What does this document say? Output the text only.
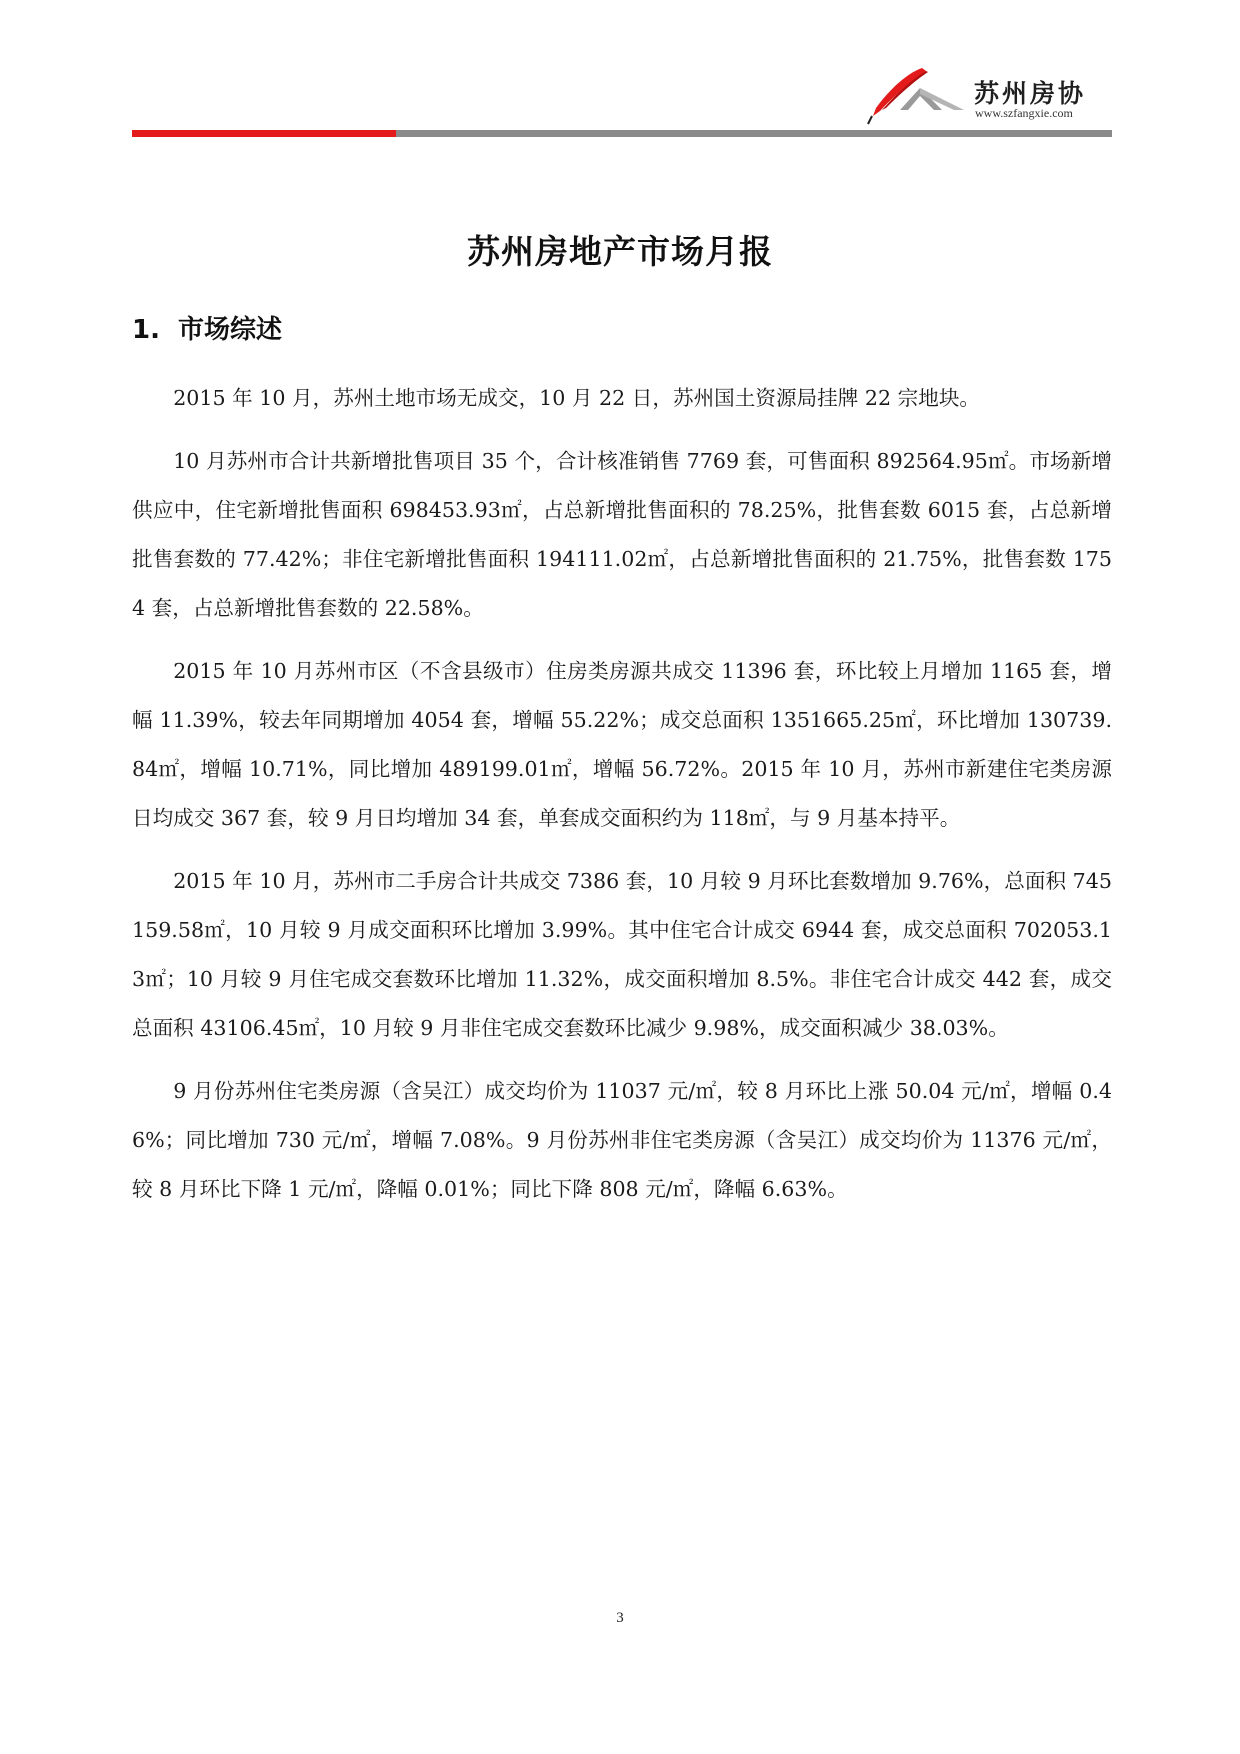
苏州房协
www.szfangxie.com
苏州房地产市场月报
1. 市场综述

2015 年 10 月，苏州土地市场无成交，10 月 22 日，苏州国土资源局挂牌 22 宗地块。

10 月苏州市合计共新增批售项目 35 个，合计核准销售 7769 套，可售面积 892564.95㎡。市场新增供应中，住宅新增批售面积 698453.93㎡，占总新增批售面积的 78.25%，批售套数 6015 套，占总新增批售套数的 77.42%；非住宅新增批售面积 194111.02㎡，占总新增批售面积的 21.75%，批售套数 1754 套，占总新增批售套数的 22.58%。

2015 年 10 月苏州市区（不含县级市）住房类房源共成交 11396 套，环比较上月增加 1165 套，增幅 11.39%，较去年同期增加 4054 套，增幅 55.22%；成交总面积 1351665.25㎡，环比增加 130739.84㎡，增幅 10.71%，同比增加 489199.01㎡，增幅 56.72%。2015 年 10 月，苏州市新建住宅类房源日均成交 367 套，较 9 月日均增加 34 套，单套成交面积约为 118㎡，与 9 月基本持平。

2015 年 10 月，苏州市二手房合计共成交 7386 套，10 月较 9 月环比套数增加 9.76%，总面积 745159.58㎡，10 月较 9 月成交面积环比增加 3.99%。其中住宅合计成交 6944 套，成交总面积 702053.13㎡；10 月较 9 月住宅成交套数环比增加 11.32%，成交面积增加 8.5%。非住宅合计成交 442 套，成交总面积 43106.45㎡，10 月较 9 月非住宅成交套数环比减少 9.98%，成交面积减少 38.03%。

9 月份苏州住宅类房源（含吴江）成交均价为 11037 元/㎡，较 8 月环比上涨 50.04 元/㎡，增幅 0.46%；同比增加 730 元/㎡，增幅 7.08%。9 月份苏州非住宅类房源（含吴江）成交均价为 11376 元/㎡，较 8 月环比下降 1 元/㎡，降幅 0.01%；同比下降 808 元/㎡，降幅 6.63%。

3
